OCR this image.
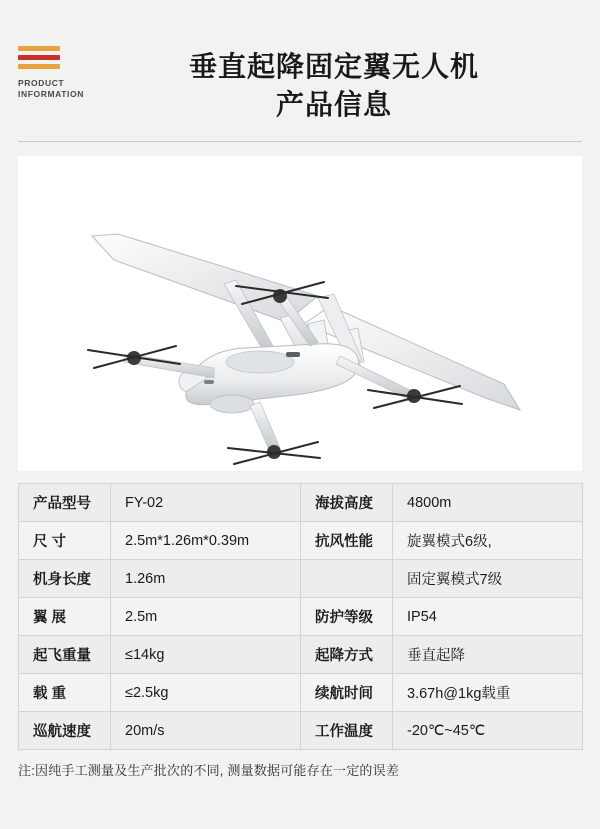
PRODUCT
INFORMATION
垂直起降固定翼无人机
产品信息
产品型号	FY-02	海拔高度	4800m
尺 寸	2.5m*1.26m*0.39m	抗风性能	旋翼模式6级,
机身长度	1.26m		固定翼模式7级
翼 展	2.5m	防护等级	IP54
起飞重量	≤14kg	起降方式	垂直起降
载 重	≤2.5kg	续航时间	3.67h@1kg载重
巡航速度	20m/s	工作温度	-20℃~45℃
注:因纯手工测量及生产批次的不同, 测量数据可能存在一定的误差
